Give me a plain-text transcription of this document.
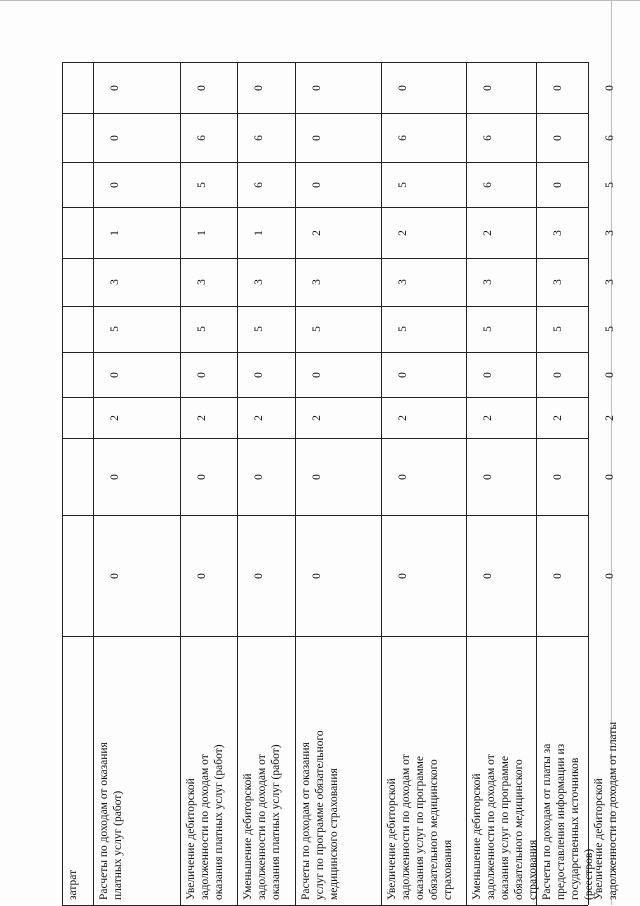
затрат	Расчеты по доходам от оказания
платных услуг (работ)
0
0
2
0
5
3
1
0
0
0
Увеличение дебиторской
задолженности по доходам от
оказания платных услуг (работ)
0
0
2
0
5
3
1
5
6
0
Уменьшение дебиторской
задолженности по доходам от
оказания платных услуг (работ)
0
0
2
0
5
3
1
6
6
0
Расчеты по доходам от оказания
услуг по программе обязательного
медицинского страхования
0
0
2
0
5
3
2
0
0
0
Увеличение дебиторской
задолженности по доходам от
оказания услуг по программе
обязательного медицинского
страхования
0
0
2
0
5
3
2
5
6
0
Уменьшение дебиторской
задолженности по доходам от
оказания услуг по программе
обязательного медицинского
страхования
0
0
2
0
5
3
2
6
6
0
Расчеты по доходам от платы за
предоставления информации из
государственных источников
(реестров)
0
0
2
0
5
3
3
0
0
0
Увеличение дебиторской
задолженности по доходам от платы
0
0
2
0
5
3
3
5
6
0
